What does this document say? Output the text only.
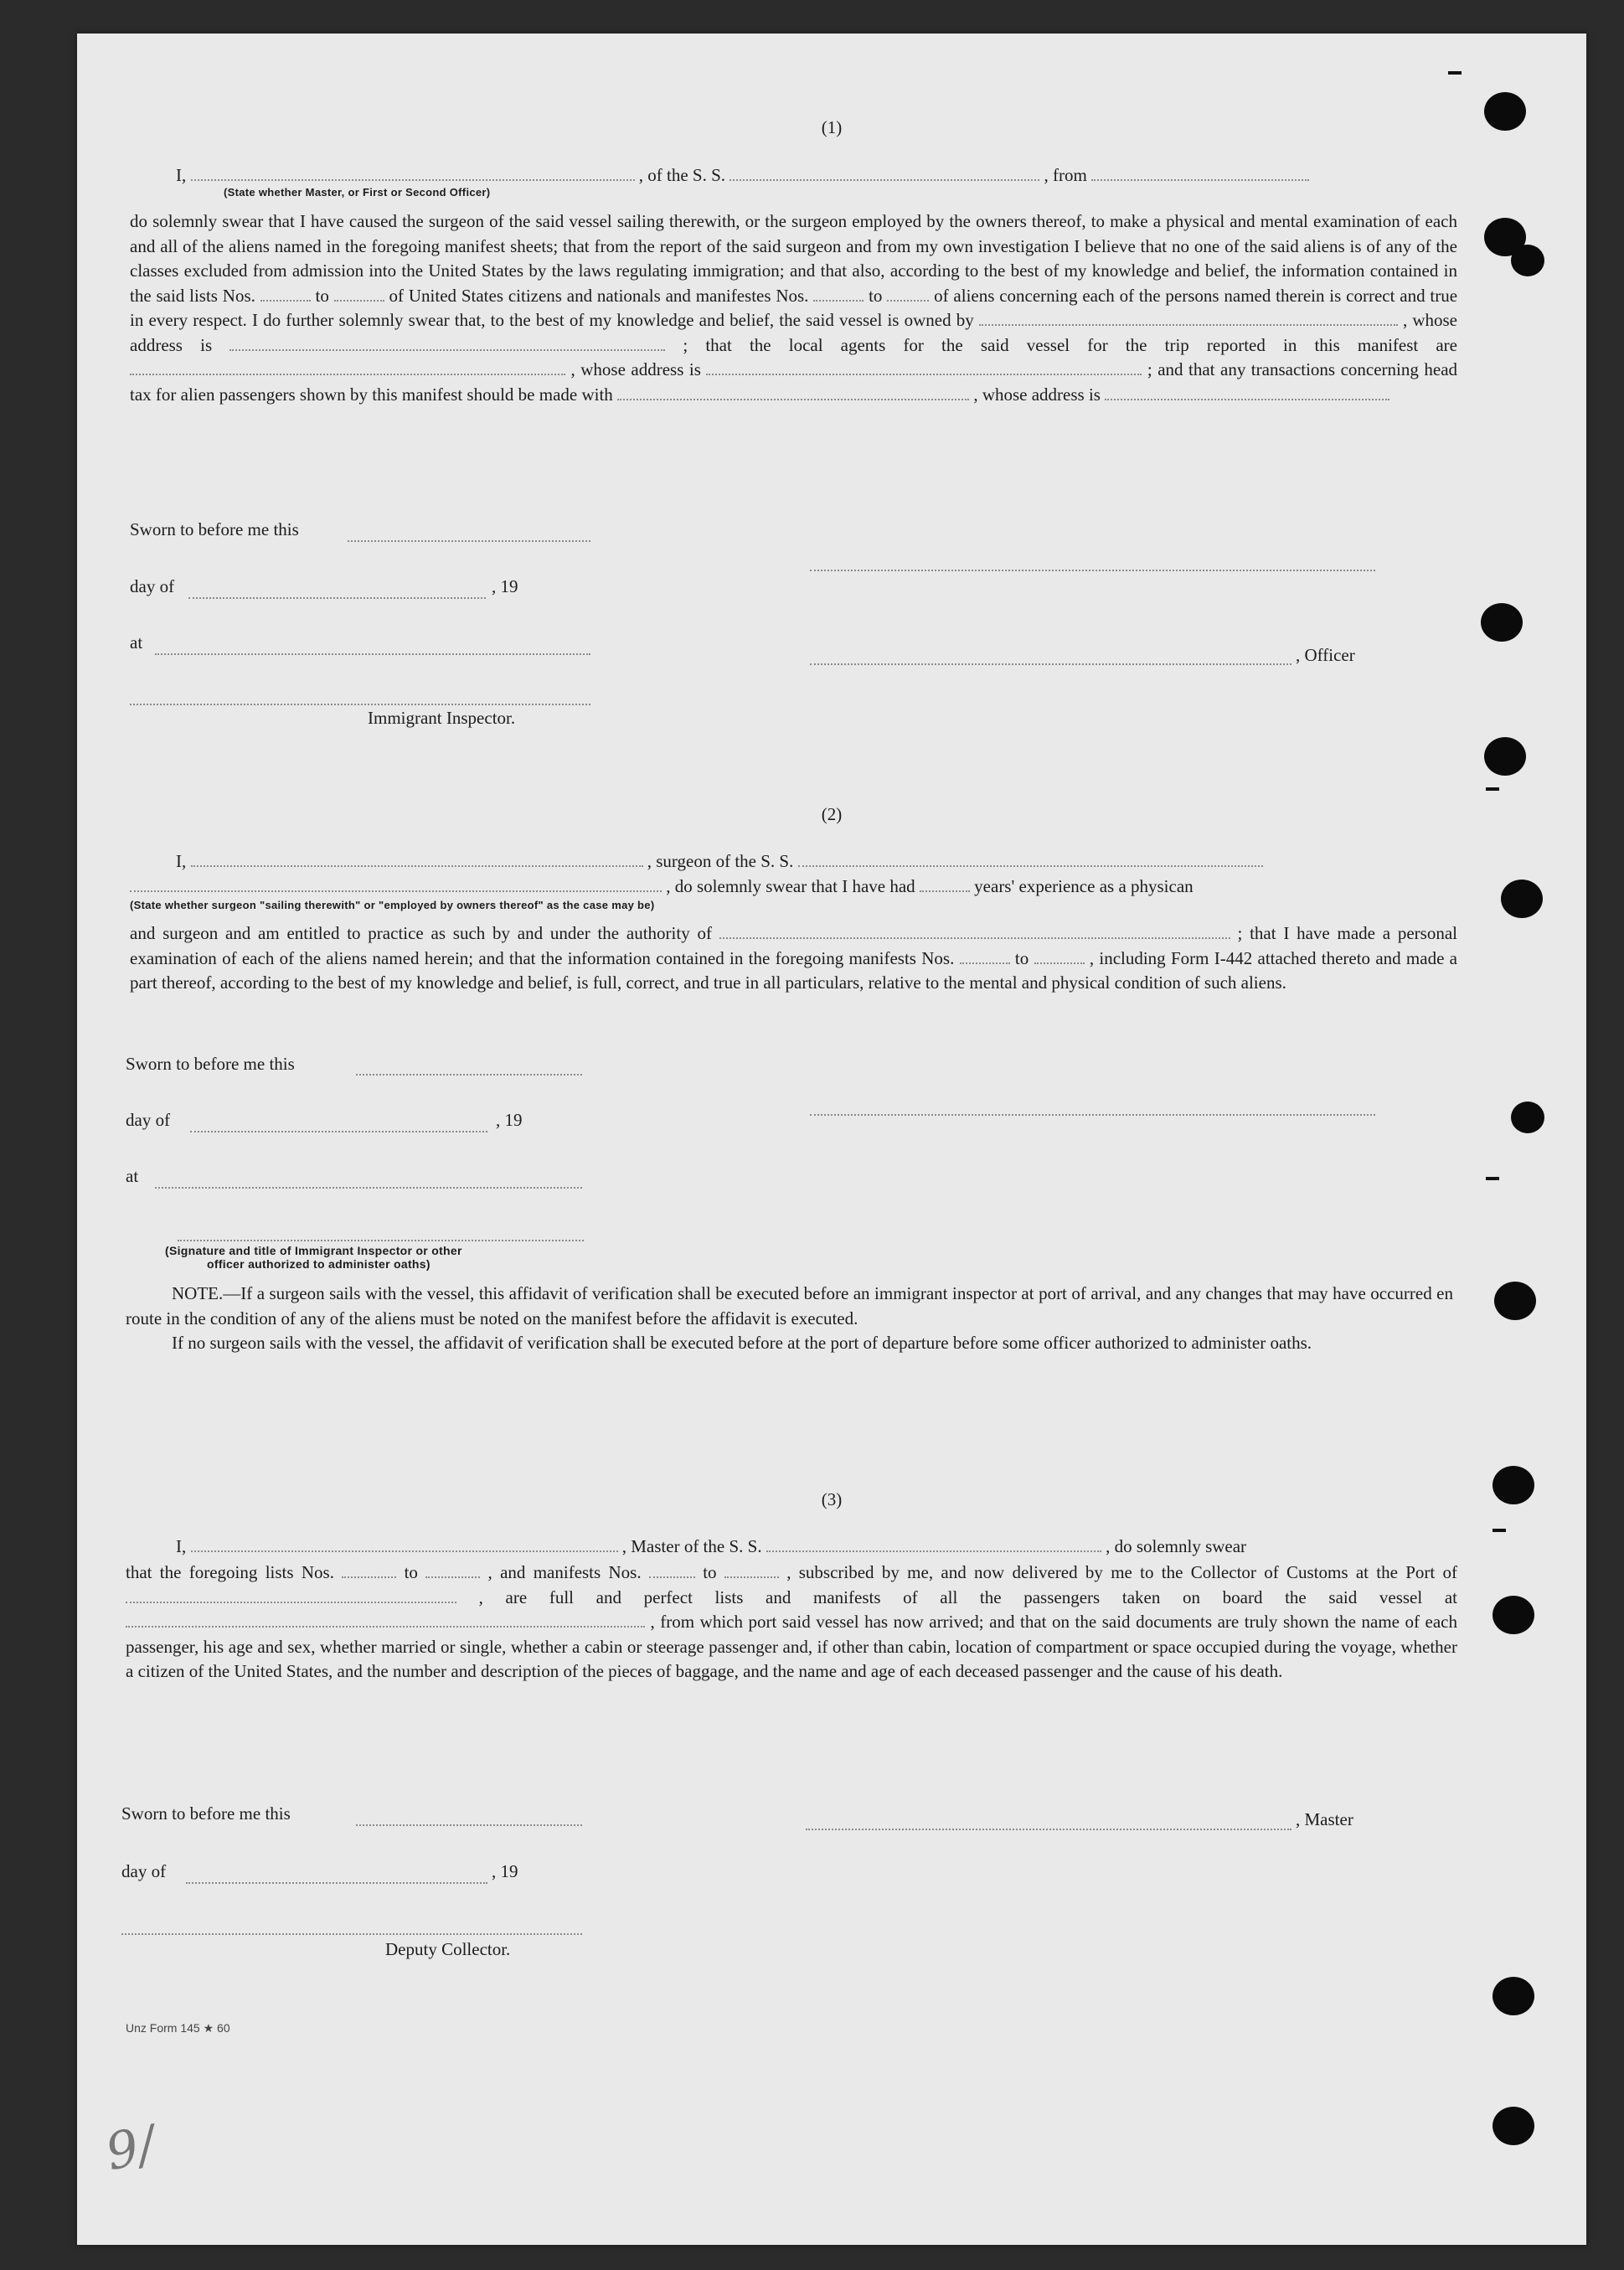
(1)
I,	, of the S. S.	, from
(State whether Master, or First or Second Officer)
do solemnly swear that I have caused the surgeon of the said vessel sailing therewith, or the surgeon employed by the owners thereof, to make a physical and mental examination of each and all of the aliens named in the foregoing manifest sheets; that from the report of the said surgeon and from my own investigation I believe that no one of the said aliens is of any of the classes excluded from admission into the United States by the laws regulating immigration; and that also, according to the best of my knowledge and belief, the information contained in the said lists Nos.	to	of United States citizens and nationals and manifestes Nos.	to	of aliens concerning each of the persons named therein is correct and true in every respect. I do further solemnly swear that, to the best of my knowledge and belief, the said vessel is owned by	, whose address is	; that the local agents for the said vessel for the trip reported in this manifest are  , whose address is	; and that any transactions concerning head tax for alien passengers shown by this manifest should be made with	, whose address is
Sworn to before me this
day of	, 19
at
, Officer
Immigrant Inspector.
(2)
I,	, surgeon of the S. S.
, do solemnly swear that I have had	years' experience as a physican
(State whether surgeon "sailing therewith" or "employed by owners thereof" as the case may be)
and surgeon and am entitled to practice as such by and under the authority of	; that I have made a personal examination of each of the aliens named herein; and that the information contained in the foregoing manifests Nos.	to	, including Form I-442 attached thereto and made a part thereof, according to the best of my knowledge and belief, is full, correct, and true in all particulars, relative to the mental and physical condition of such aliens.
Sworn to before me this
day of	, 19
at
(Signature and title of Immigrant Inspector or other
officer authorized to administer oaths)
NOTE.—If a surgeon sails with the vessel, this affidavit of verification shall be executed before an immigrant inspector at port of arrival, and any changes that may have occurred en route in the condition of any of the aliens must be noted on the manifest before the affidavit is executed.
If no surgeon sails with the vessel, the affidavit of verification shall be executed before at the port of departure before some officer authorized to administer oaths.
(3)
I,	, Master of the S. S.	, do solemnly swear
that the foregoing lists Nos.	to	, and manifests Nos.	to	, subscribed by me, and now delivered by me to the Collector of Customs at the Port of  , are full and perfect lists and manifests of all the passengers taken on board the said vessel at  , from which port said vessel has now arrived; and that on the said documents are truly shown the name of each passenger, his age and sex, whether married or single, whether a cabin or steerage passenger and, if other than cabin, location of compartment or space occupied during the voyage, whether a citizen of the United States, and the number and description of the pieces of baggage, and the name and age of each deceased passenger and the cause of his death.
Sworn to before me this	, Master
day of	, 19
Deputy Collector.
Unz Form 145 ★ 60
9/
